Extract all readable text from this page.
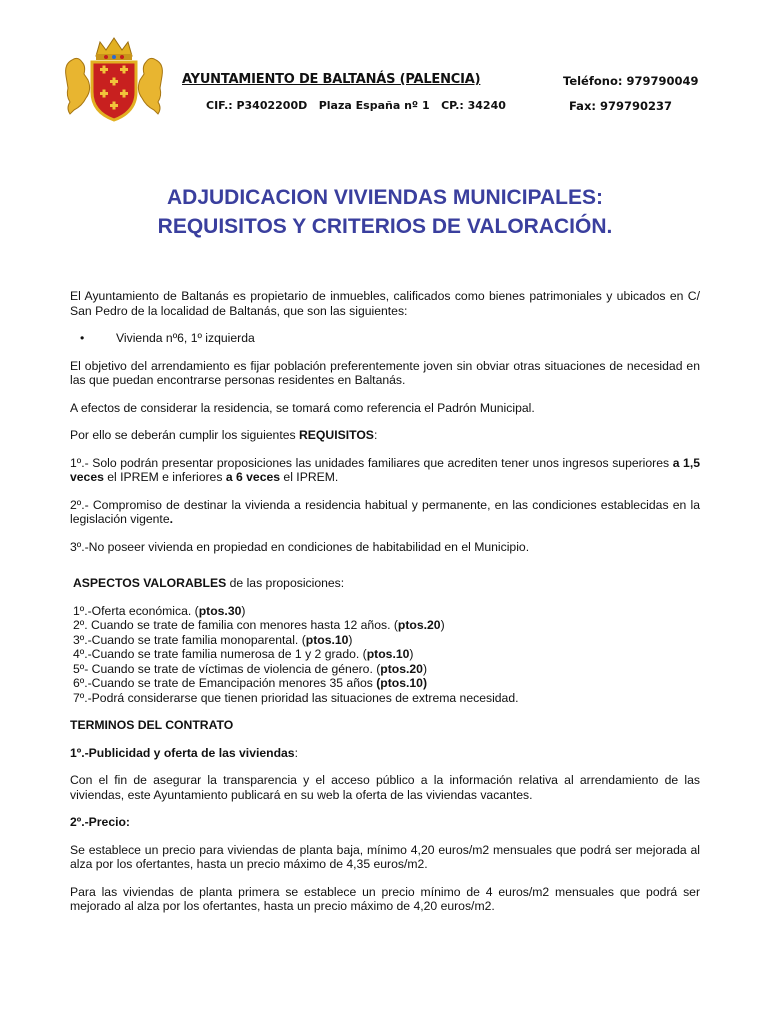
AYUNTAMIENTO DE BALTANÁS (PALENCIA)
CIF.: P3402200D   Plaza España nº 1   CP.: 34240
Teléfono: 979790049
Fax: 979790237
ADJUDICACION VIVIENDAS MUNICIPALES:
REQUISITOS Y CRITERIOS DE VALORACIÓN.

El Ayuntamiento de Baltanás es propietario de inmuebles, calificados como bienes patrimoniales y ubicados en C/ San Pedro de la localidad de Baltanás, que son las siguientes:

•	Vivienda nº6, 1º izquierda

El objetivo del arrendamiento es fijar población preferentemente joven sin obviar otras situaciones de necesidad en las que puedan encontrarse personas residentes en Baltanás.

A efectos de considerar la residencia, se tomará como referencia el Padrón Municipal.

Por ello se deberán cumplir los siguientes REQUISITOS:

1º.- Solo podrán presentar proposiciones las unidades familiares que acrediten tener unos ingresos superiores a 1,5 veces el IPREM e inferiores a 6 veces el IPREM.

2º.- Compromiso de destinar la vivienda a residencia habitual y permanente, en las condiciones establecidas en la legislación vigente.

3º.-No poseer vivienda en propiedad en condiciones de habitabilidad en el Municipio.

ASPECTOS VALORABLES de las proposiciones:

1º.-Oferta económica. (ptos.30)
2º. Cuando se trate de familia con menores hasta 12 años. (ptos.20)
3º.-Cuando se trate familia monoparental. (ptos.10)
4º.-Cuando se trate familia numerosa de 1 y 2 grado. (ptos.10)
5º- Cuando se trate de víctimas de violencia de género. (ptos.20)
6º.-Cuando se trate de Emancipación menores 35 años (ptos.10)
7º.-Podrá considerarse que tienen prioridad las situaciones de extrema necesidad.

TERMINOS DEL CONTRATO

1º.-Publicidad y oferta de las viviendas:

Con el fin de asegurar la transparencia y el acceso público a la información relativa al arrendamiento de las viviendas, este Ayuntamiento publicará en su web la oferta de las viviendas vacantes.

2º.-Precio:

Se establece un precio para viviendas de planta baja, mínimo 4,20 euros/m2 mensuales que podrá ser mejorada al alza por los ofertantes, hasta un precio máximo de 4,35 euros/m2.

Para las viviendas de planta primera se establece un precio mínimo de 4 euros/m2 mensuales que podrá ser mejorado al alza por los ofertantes, hasta un precio máximo de 4,20 euros/m2.
